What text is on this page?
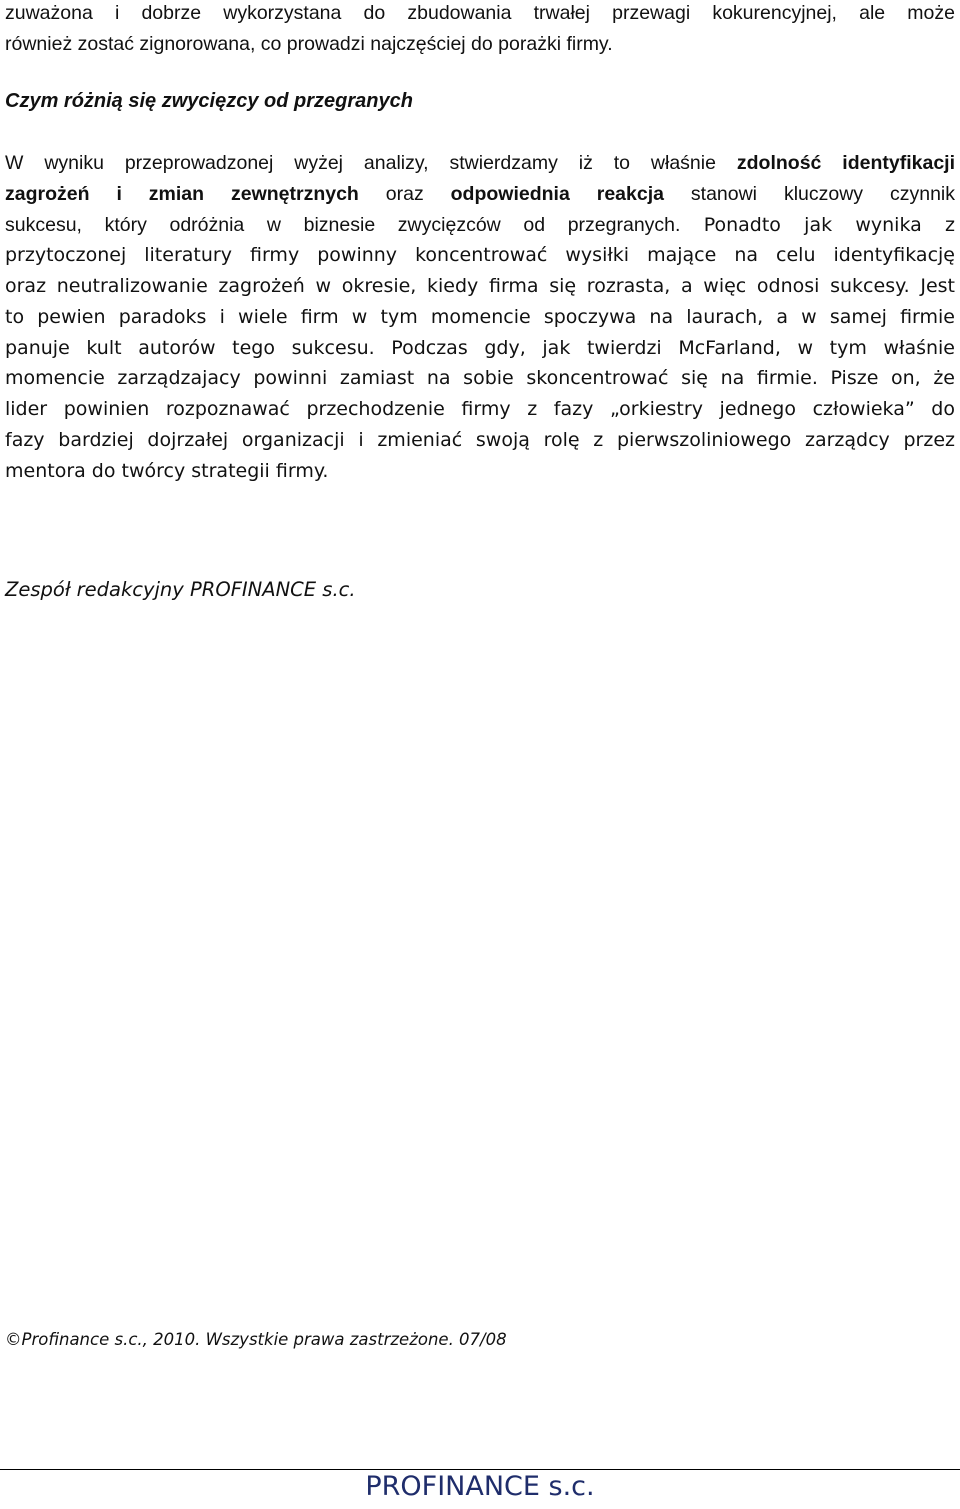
zuważona i dobrze wykorzystana do zbudowania trwałej przewagi kokurencyjnej, ale może

również zostać zignorowana, co prowadzi najczęściej do porażki firmy.

Czym różnią się zwycięzcy od przegranych

W wyniku przeprowadzonej wyżej analizy, stwierdzamy iż to właśnie zdolność identyfikacji

zagrożeń i zmian zewnętrznych oraz odpowiednia reakcja stanowi kluczowy czynnik

sukcesu, który odróżnia w biznesie zwycięzców od przegranych. Ponadto jak wynika z

przytoczonej literatury firmy powinny koncentrować wysiłki mające na celu identyfikację

oraz neutralizowanie zagrożeń w okresie, kiedy firma się rozrasta, a więc odnosi sukcesy. Jest

to pewien paradoks i wiele firm w tym momencie spoczywa na laurach, a w samej firmie

panuje kult autorów tego sukcesu. Podczas gdy, jak twierdzi McFarland, w tym właśnie

momencie zarządzajacy powinni zamiast na sobie skoncentrować się na firmie. Pisze on, że

lider powinien rozpoznawać przechodzenie firmy z fazy „orkiestry jednego człowieka” do

fazy bardziej dojrzałej organizacji i zmieniać swoją rolę z pierwszoliniowego zarządcy przez

mentora do twórcy strategii firmy.

Zespół redakcyjny PROFINANCE s.c.

©Profinance s.c., 2010. Wszystkie prawa zastrzeżone. 07/08

PROFINANCE s.c.
